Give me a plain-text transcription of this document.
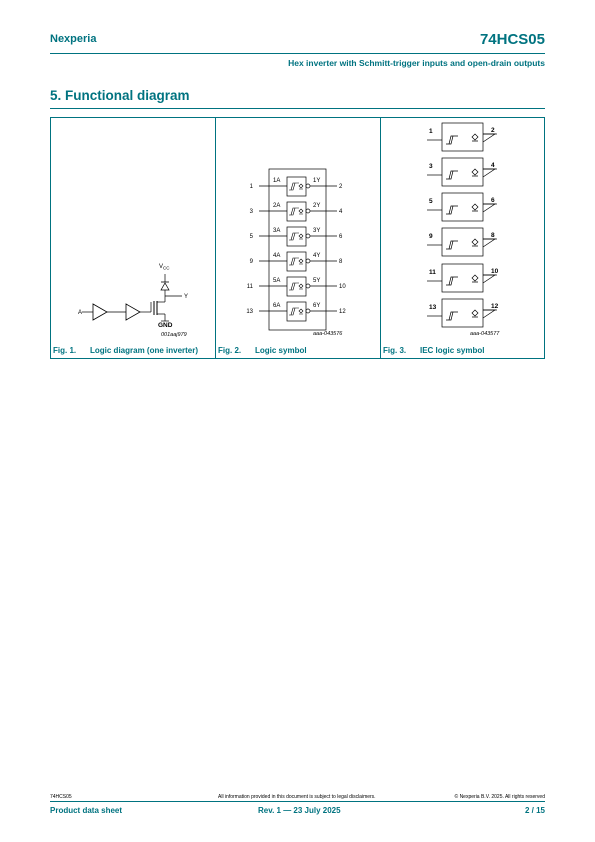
Nexperia	74HCS05
Hex inverter with Schmitt-trigger inputs and open-drain outputs
5. Functional diagram
A
Y
$V_{CC}$
GND
001aaj979
Fig. 1. Logic diagram (one inverter)
1
1A	1Y
2
3
2A	2Y
4
5
3A	3Y
6
9
4A	4Y
8
11
5A	5Y
10
13
6A	6Y
12
aaa-043576
Fig. 2. Logic symbol
1	2
3	4
5	6
9	8
11	10
13	12
aaa-043577
Fig. 3. IEC logic symbol
74HCS05	All information provided in this document is subject to legal disclaimers.	© Nexperia B.V. 2025. All rights reserved
Product data sheet	Rev. 1 — 23 July 2025	2 / 15
